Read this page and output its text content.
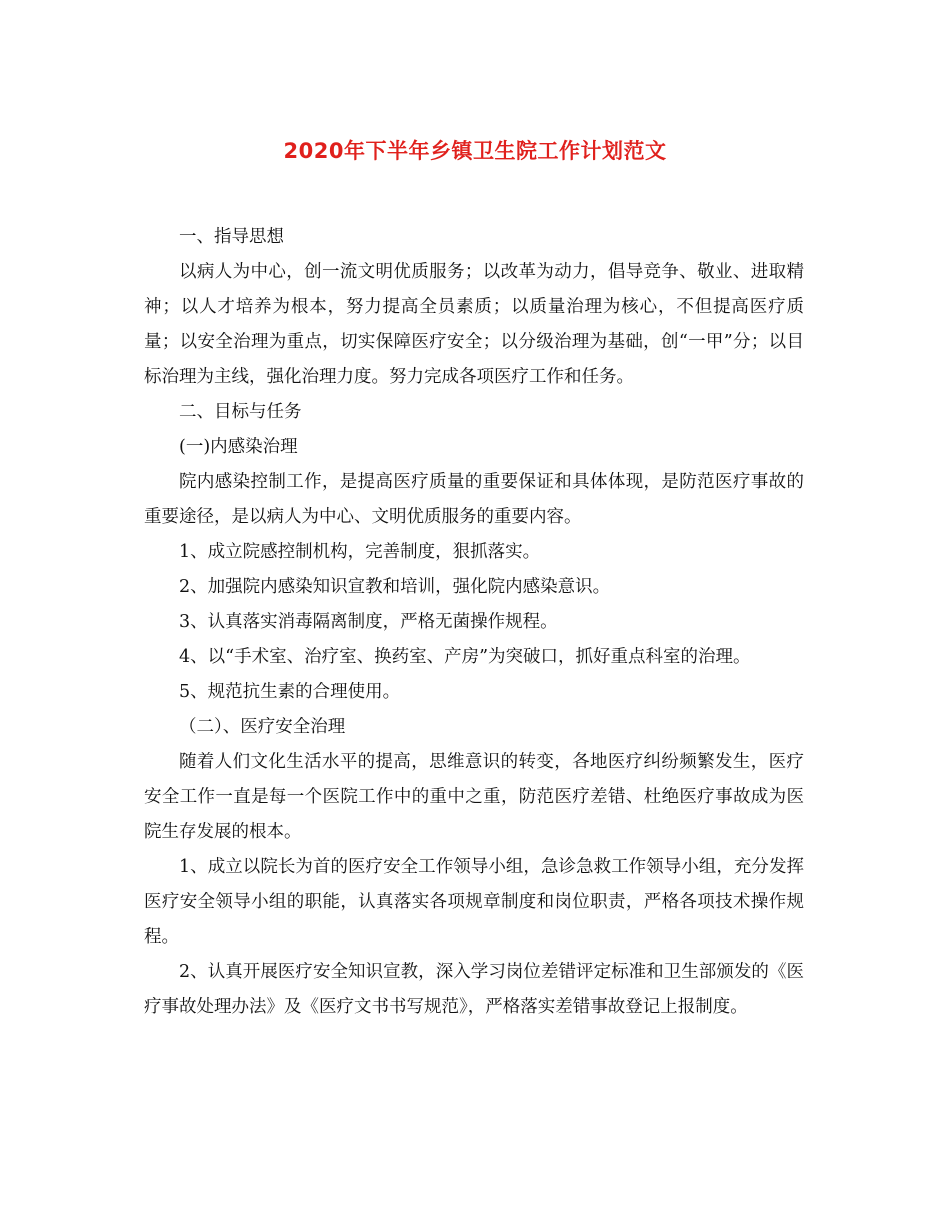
2020年下半年乡镇卫生院工作计划范文

一、指导思想

以病人为中心，创一流文明优质服务；以改革为动力，倡导竞争、敬业、进取精神；以人才培养为根本，努力提高全员素质；以质量治理为核心，不但提高医疗质量；以安全治理为重点，切实保障医疗安全；以分级治理为基础，创“一甲”分；以目标治理为主线，强化治理力度。努力完成各项医疗工作和任务。

二、目标与任务

(一)内感染治理

院内感染控制工作，是提高医疗质量的重要保证和具体体现，是防范医疗事故的重要途径，是以病人为中心、文明优质服务的重要内容。

1、成立院感控制机构，完善制度，狠抓落实。

2、加强院内感染知识宣教和培训，强化院内感染意识。

3、认真落实消毒隔离制度，严格无菌操作规程。

4、以“手术室、治疗室、换药室、产房”为突破口，抓好重点科室的治理。

5、规范抗生素的合理使用。

（二）、医疗安全治理

随着人们文化生活水平的提高，思维意识的转变，各地医疗纠纷频繁发生，医疗安全工作一直是每一个医院工作中的重中之重，防范医疗差错、杜绝医疗事故成为医院生存发展的根本。

1、成立以院长为首的医疗安全工作领导小组，急诊急救工作领导小组，充分发挥医疗安全领导小组的职能，认真落实各项规章制度和岗位职责，严格各项技术操作规程。

2、认真开展医疗安全知识宣教，深入学习岗位差错评定标准和卫生部颁发的《医疗事故处理办法》及《医疗文书书写规范》，严格落实差错事故登记上报制度。
